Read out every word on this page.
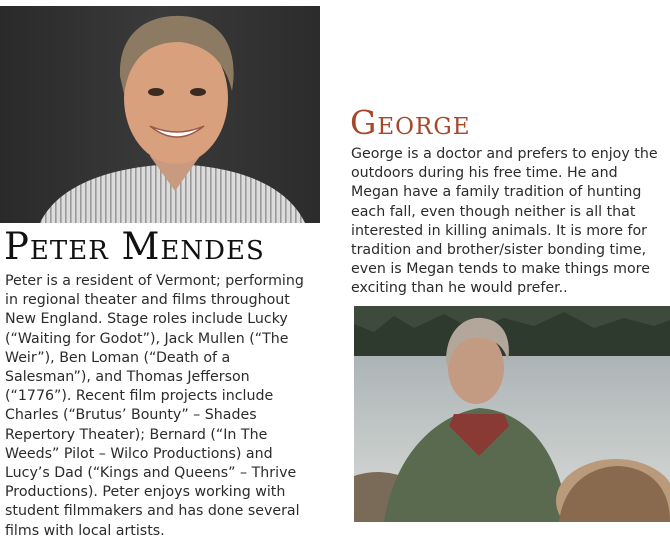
Peter Mendes

Peter is a resident of Vermont; performing in regional theater and films throughout New England. Stage roles include Lucky (“Waiting for Godot”), Jack Mullen (“The Weir”), Ben Loman (“Death of a Salesman”), and Thomas Jefferson (“1776”). Recent film projects include Charles (“Brutus’ Bounty” – Shades Repertory Theater); Bernard (“In The Weeds” Pilot – Wilco Productions) and Lucy’s Dad (“Kings and Queens” – Thrive Productions). Peter enjoys working with student filmmakers and has done several films with local artists.

George

George is a doctor and prefers to enjoy the outdoors during his free time. He and Megan have a family tradition of hunting each fall, even though neither is all that interested in killing animals. It is more for tradition and brother/sister bonding time, even is Megan tends to make things more exciting than he would prefer..
